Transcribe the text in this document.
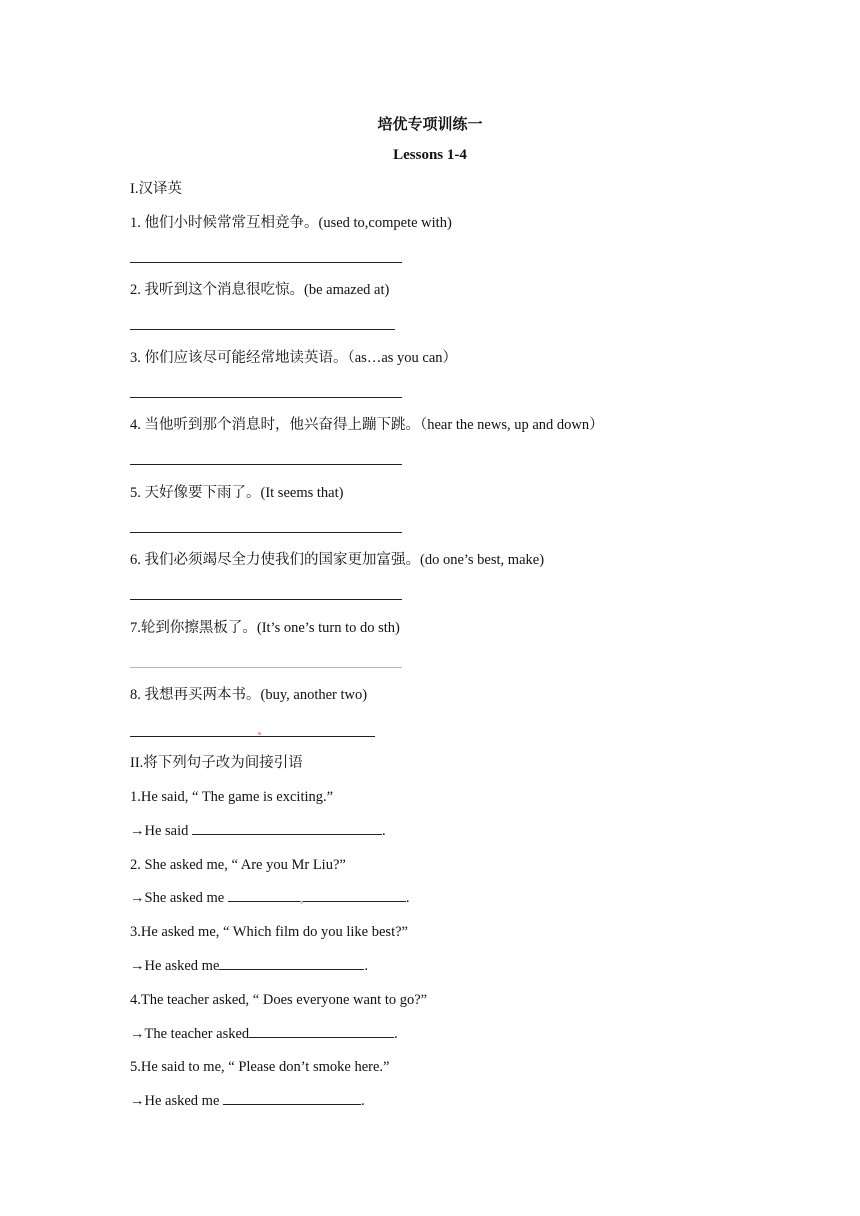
培优专项训练一
Lessons 1-4
I.汉译英
1. 他们小时候常常互相竞争。(used to,compete with)
2. 我听到这个消息很吃惊。(be amazed at)
3. 你们应该尽可能经常地读英语。（as…as you can）
4. 当他听到那个消息时，他兴奋得上蹦下跳。（hear the news, up and down）
5. 天好像要下雨了。(It seems that)
6. 我们必须竭尽全力使我们的国家更加富强。(do one’s best, make)
7.轮到你擦黑板了。(It’s one’s turn to do sth)
8. 我想再买两本书。(buy, another two)
II.将下列句子改为间接引语
1.He said, “ The game is exciting.”
→He said	.
2. She asked me, “ Are you Mr Liu?”
→She asked me	.
3.He asked me, “ Which film do you like best?”
→He asked me	.
4.The teacher asked, “ Does everyone want to go?”
→The teacher asked	.
5.He said to me, “ Please don’t smoke here.”
→He asked me	.
